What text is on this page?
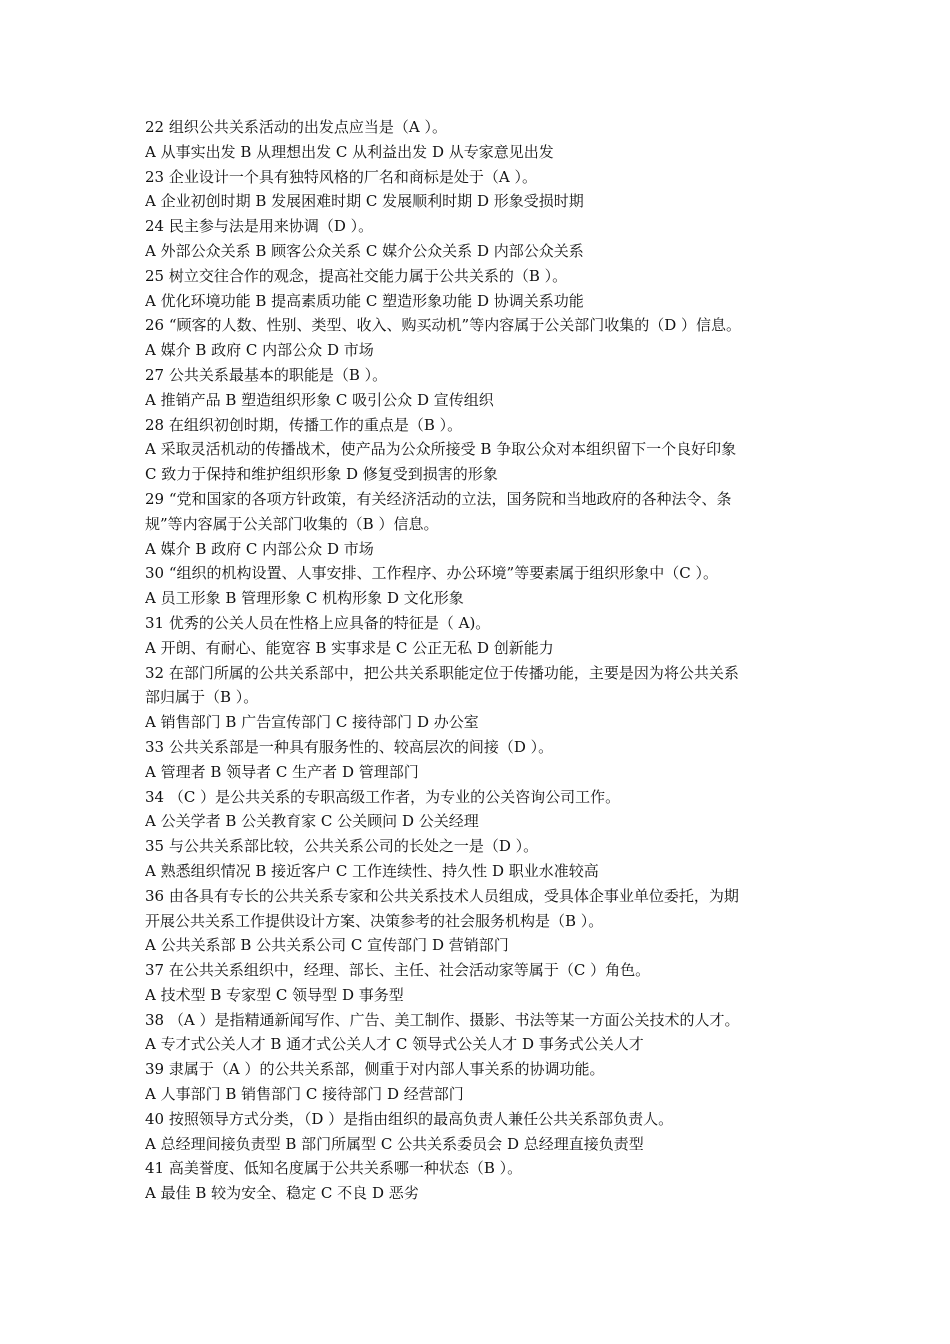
22 组织公共关系活动的出发点应当是（A ）。
A 从事实出发 B 从理想出发 C 从利益出发 D 从专家意见出发
23 企业设计一个具有独特风格的厂名和商标是处于（A ）。
A 企业初创时期 B 发展困难时期 C 发展顺利时期 D 形象受损时期
24 民主参与法是用来协调（D ）。
A 外部公众关系 B 顾客公众关系 C 媒介公众关系 D 内部公众关系
25 树立交往合作的观念，提高社交能力属于公共关系的（B ）。
A 优化环境功能 B 提高素质功能 C 塑造形象功能 D 协调关系功能
26 “顾客的人数、性别、类型、收入、购买动机”等内容属于公关部门收集的（D ）信息。
A 媒介 B 政府 C 内部公众 D 市场
27 公共关系最基本的职能是（B ）。
A 推销产品 B 塑造组织形象 C 吸引公众 D 宣传组织
28 在组织初创时期，传播工作的重点是（B ）。
A 采取灵活机动的传播战术，使产品为公众所接受 B 争取公众对本组织留下一个良好印象
C 致力于保持和维护组织形象 D 修复受到损害的形象
29 “党和国家的各项方针政策，有关经济活动的立法，国务院和当地政府的各种法令、条
规”等内容属于公关部门收集的（B ）信息。
A 媒介 B 政府 C 内部公众 D 市场
30 “组织的机构设置、人事安排、工作程序、办公环境”等要素属于组织形象中（C ）。
A 员工形象 B 管理形象 C 机构形象 D 文化形象
31 优秀的公关人员在性格上应具备的特征是（ A)。
A 开朗、有耐心、能宽容 B 实事求是 C 公正无私 D 创新能力
32 在部门所属的公共关系部中，把公共关系职能定位于传播功能，主要是因为将公共关系
部归属于（B ）。
A 销售部门 B 广告宣传部门 C 接待部门 D 办公室
33 公共关系部是一种具有服务性的、较高层次的间接（D ）。
A 管理者 B 领导者 C 生产者 D 管理部门
34 （C ）是公共关系的专职高级工作者，为专业的公关咨询公司工作。
A 公关学者 B 公关教育家 C 公关顾问 D 公关经理
35 与公共关系部比较，公共关系公司的长处之一是（D ）。
A 熟悉组织情况 B 接近客户 C 工作连续性、持久性 D 职业水准较高
36 由各具有专长的公共关系专家和公共关系技术人员组成，受具体企事业单位委托，为期
开展公共关系工作提供设计方案、决策参考的社会服务机构是（B ）。
A 公共关系部 B 公共关系公司 C 宣传部门 D 营销部门
37 在公共关系组织中，经理、部长、主任、社会活动家等属于（C ）角色。
A 技术型 B 专家型 C 领导型 D 事务型
38 （A ）是指精通新闻写作、广告、美工制作、摄影、书法等某一方面公关技术的人才。
A 专才式公关人才 B 通才式公关人才 C 领导式公关人才 D 事务式公关人才
39 隶属于（A ）的公共关系部，侧重于对内部人事关系的协调功能。
A 人事部门 B 销售部门 C 接待部门 D 经营部门
40 按照领导方式分类，（D ）是指由组织的最高负责人兼任公共关系部负责人。
A 总经理间接负责型 B 部门所属型 C 公共关系委员会 D 总经理直接负责型
41 高美誉度、低知名度属于公共关系哪一种状态（B ）。
A 最佳 B 较为安全、稳定 C 不良 D 恶劣
